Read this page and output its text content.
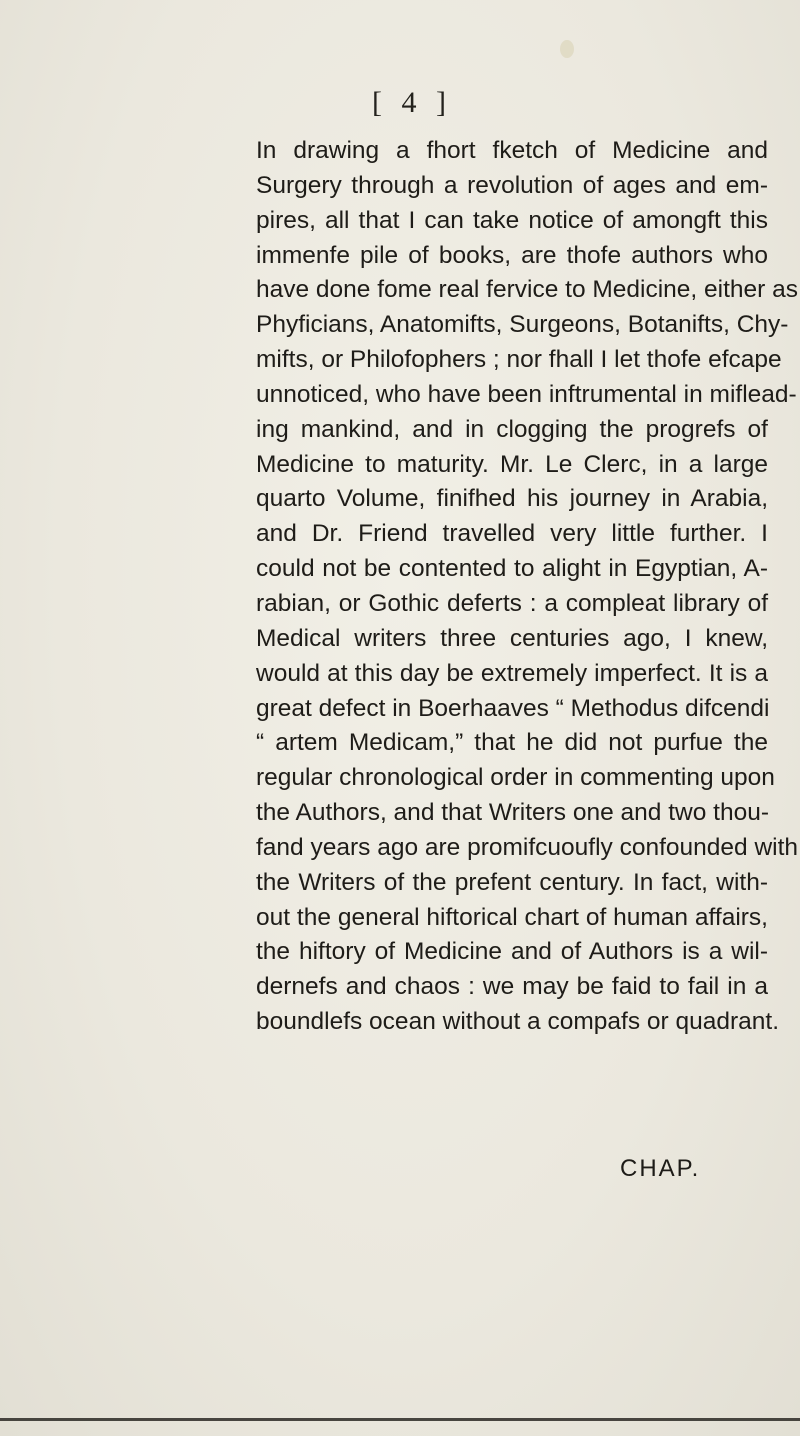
[ 4 ]
In drawing a fhort fketch of Medicine and
Surgery through a revolution of ages and em-
pires, all that I can take notice of amongft this
immenfe pile of books, are thofe authors who
have done fome real fervice to Medicine, either as
Phyficians, Anatomifts, Surgeons, Botanifts, Chy-
mifts, or Philofophers ; nor fhall I let thofe efcape
unnoticed, who have been inftrumental in miflead-
ing mankind, and in clogging the progrefs of
Medicine to maturity. Mr. Le Clerc, in a large
quarto Volume, finifhed his journey in Arabia,
and Dr. Friend travelled very little further. I
could not be contented to alight in Egyptian, A-
rabian, or Gothic deferts : a compleat library of
Medical writers three centuries ago, I knew,
would at this day be extremely imperfect. It is a
great defect in Boerhaaves “ Methodus difcendi
“ artem Medicam,” that he did not purfue the
regular chronological order in commenting upon
the Authors, and that Writers one and two thou-
fand years ago are promifcuoufly confounded with
the Writers of the prefent century. In fact, with-
out the general hiftorical chart of human affairs,
the hiftory of Medicine and of Authors is a wil-
dernefs and chaos : we may be faid to fail in a
boundlefs ocean without a compafs or quadrant.
CHAP.
